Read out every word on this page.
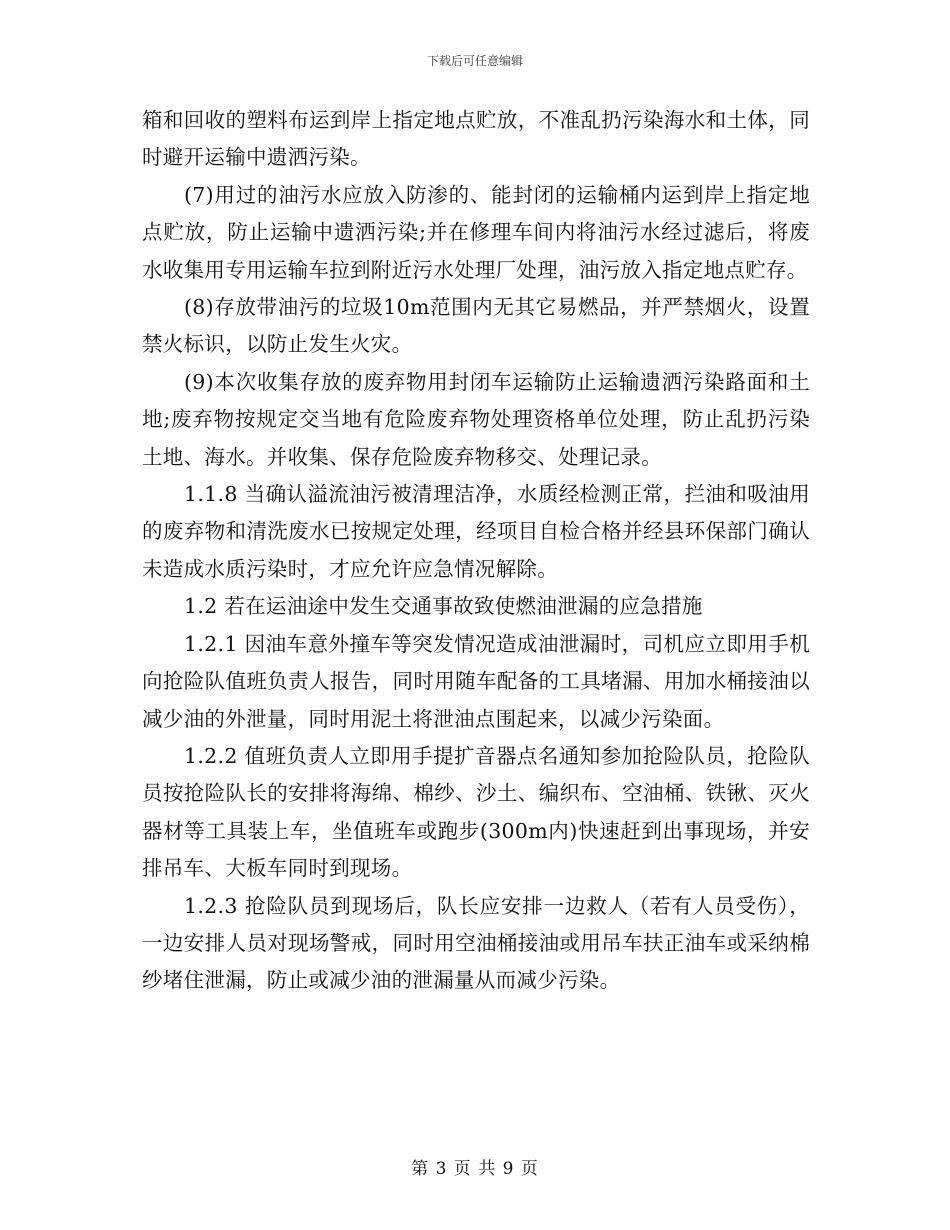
下载后可任意编辑

箱和回收的塑料布运到岸上指定地点贮放，不准乱扔污染海水和土体，同时避开运输中遗洒污染。

(7)用过的油污水应放入防渗的、能封闭的运输桶内运到岸上指定地点贮放，防止运输中遗洒污染;并在修理车间内将油污水经过滤后，将废水收集用专用运输车拉到附近污水处理厂处理，油污放入指定地点贮存。

(8)存放带油污的垃圾10m范围内无其它易燃品，并严禁烟火，设置禁火标识，以防止发生火灾。

(9)本次收集存放的废弃物用封闭车运输防止运输遗洒污染路面和土地;废弃物按规定交当地有危险废弃物处理资格单位处理，防止乱扔污染土地、海水。并收集、保存危险废弃物移交、处理记录。

1.1.8 当确认溢流油污被清理洁净，水质经检测正常，拦油和吸油用的废弃物和清洗废水已按规定处理，经项目自检合格并经县环保部门确认未造成水质污染时，才应允许应急情况解除。

1.2 若在运油途中发生交通事故致使燃油泄漏的应急措施

1.2.1 因油车意外撞车等突发情况造成油泄漏时，司机应立即用手机向抢险队值班负责人报告，同时用随车配备的工具堵漏、用加水桶接油以减少油的外泄量，同时用泥土将泄油点围起来，以减少污染面。

1.2.2 值班负责人立即用手提扩音器点名通知参加抢险队员，抢险队员按抢险队长的安排将海绵、棉纱、沙土、编织布、空油桶、铁锹、灭火器材等工具装上车，坐值班车或跑步(300m内)快速赶到出事现场，并安排吊车、大板车同时到现场。

1.2.3 抢险队员到现场后，队长应安排一边救人（若有人员受伤），一边安排人员对现场警戒，同时用空油桶接油或用吊车扶正油车或采纳棉纱堵住泄漏，防止或减少油的泄漏量从而减少污染。

第 3 页 共 9 页
